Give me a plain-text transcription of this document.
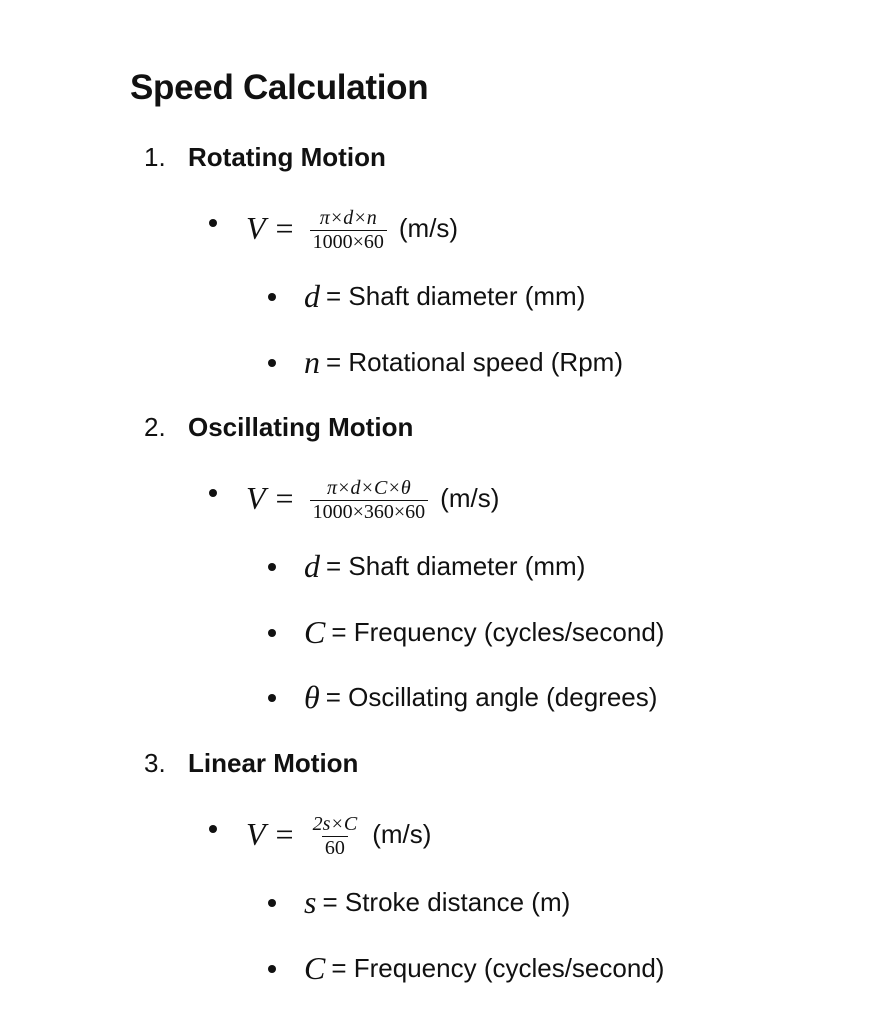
Speed Calculation
1. Rotating Motion
$V = \frac{\pi\times d\times n}{1000\times 60} (m/s)$
d = Shaft diameter (mm)
n = Rotational speed (Rpm)
2. Oscillating Motion
$V = \frac{\pi\times d\times C\times\theta}{1000\times 360\times 60} (m/s)$
d = Shaft diameter (mm)
C = Frequency (cycles/second)
θ = Oscillating angle (degrees)
3. Linear Motion
$V = \frac{2s\times C}{60} (m/s)$
s = Stroke distance (m)
C = Frequency (cycles/second)
